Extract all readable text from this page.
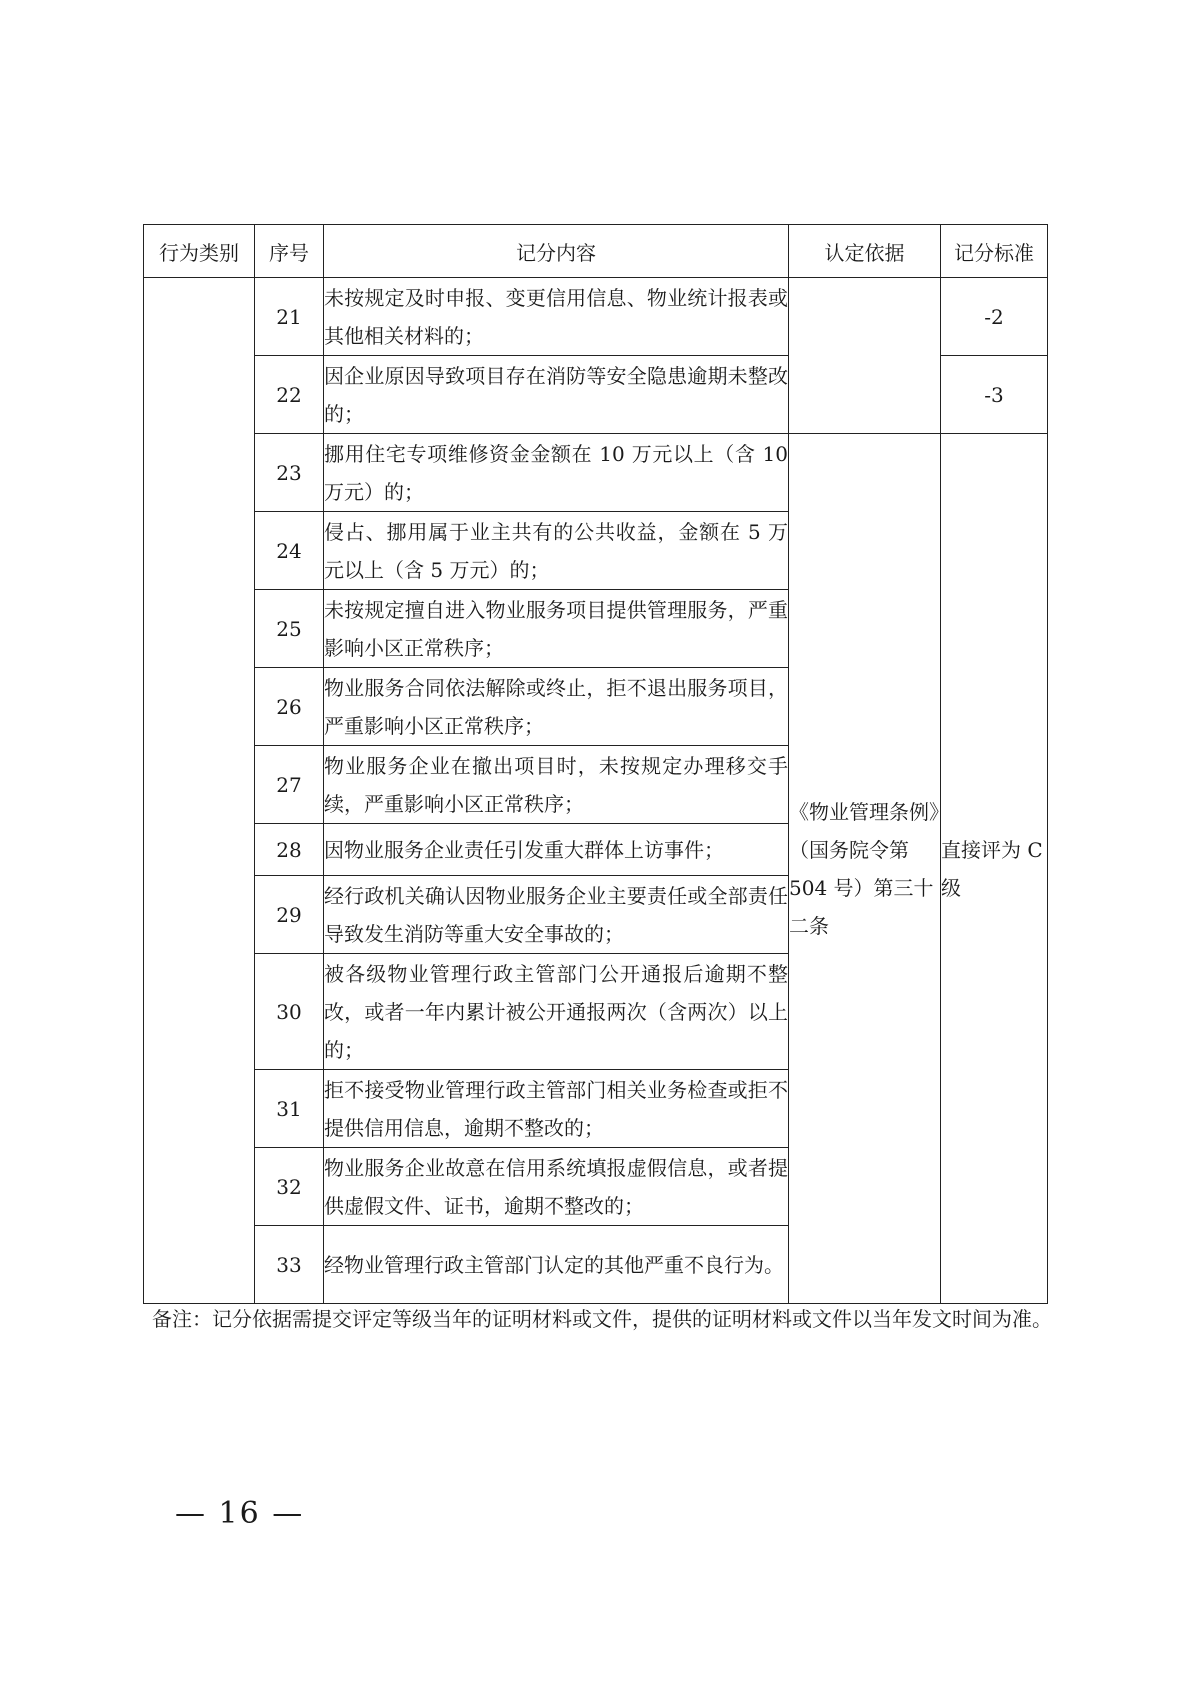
行为类别	序号	记分内容	认定依据	记分标准
	21	未按规定及时申报、变更信用信息、物业统计报表或其他相关材料的；		-2
	22	因企业原因导致项目存在消防等安全隐患逾期未整改的；		-3
	23	挪用住宅专项维修资金金额在 10 万元以上（含 10 万元）的；	《物业管理条例》（国务院令第 504 号）第三十二条	直接评为 C 级
	24	侵占、挪用属于业主共有的公共收益，金额在 5 万元以上（含 5 万元）的；		
	25	未按规定擅自进入物业服务项目提供管理服务，严重影响小区正常秩序；		
	26	物业服务合同依法解除或终止，拒不退出服务项目，严重影响小区正常秩序；		
	27	物业服务企业在撤出项目时，未按规定办理移交手续，严重影响小区正常秩序；		
	28	因物业服务企业责任引发重大群体上访事件；		
	29	经行政机关确认因物业服务企业主要责任或全部责任导致发生消防等重大安全事故的；		
	30	被各级物业管理行政主管部门公开通报后逾期不整改，或者一年内累计被公开通报两次（含两次）以上的；		
	31	拒不接受物业管理行政主管部门相关业务检查或拒不提供信用信息，逾期不整改的；		
	32	物业服务企业故意在信用系统填报虚假信息，或者提供虚假文件、证书，逾期不整改的；		
	33	经物业管理行政主管部门认定的其他严重不良行为。		
备注：记分依据需提交评定等级当年的证明材料或文件，提供的证明材料或文件以当年发文时间为准。
— 16 —
